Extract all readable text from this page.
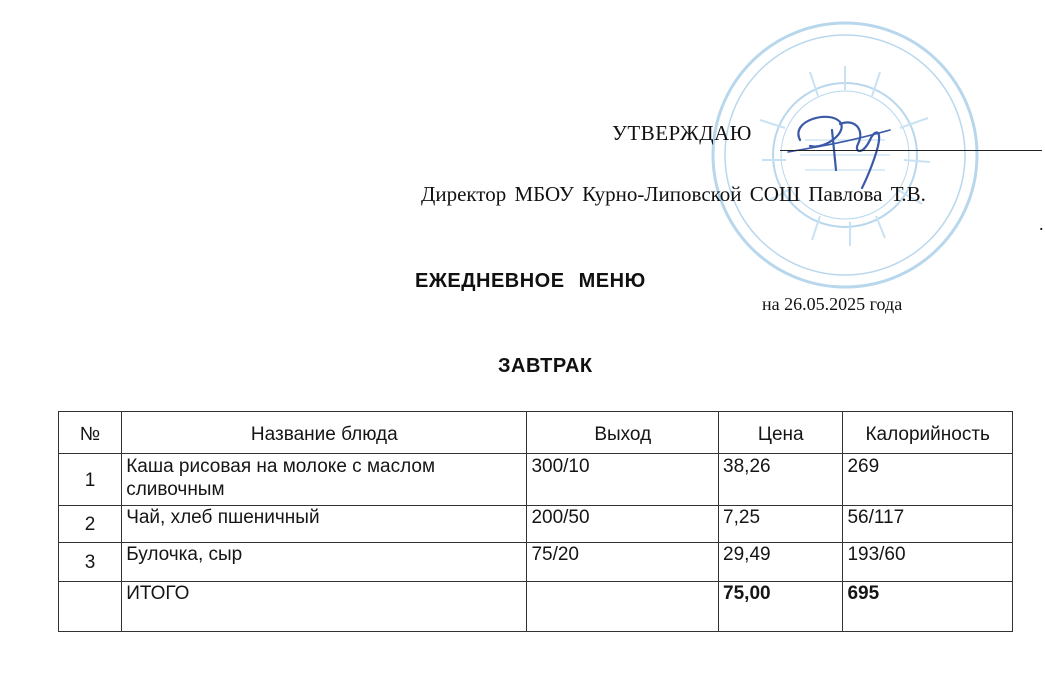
УТВЕРЖДАЮ
Директор МБОУ Курно-Липовской СОШ Павлова Т.В.
.
ЕЖЕДНЕВНОЕ МЕНЮ
на 26.05.2025 года
ЗАВТРАК
№	Название блюда	Выход	Цена	Калорийность
1	Каша рисовая на молоке с маслом сливочным	300/10	38,26	269
2	Чай, хлеб пшеничный	200/50	7,25	56/117
3	Булочка, сыр	75/20	29,49	193/60
	ИТОГО		75,00	695
